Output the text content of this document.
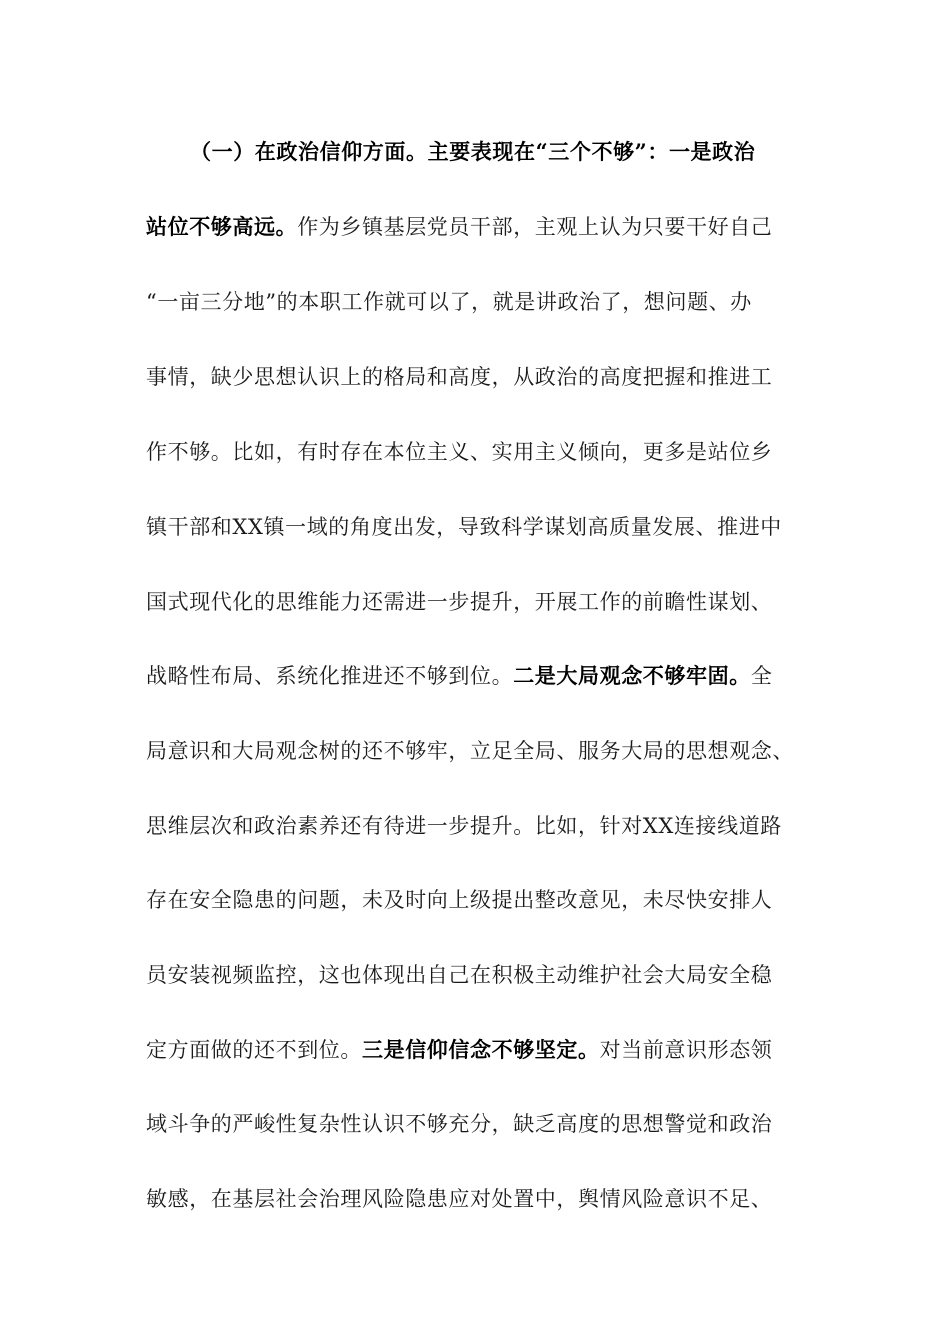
（一）在政治信仰方面。主要表现在“三个不够”：一是政治
站位不够高远。作为乡镇基层党员干部，主观上认为只要干好自己
“一亩三分地”的本职工作就可以了，就是讲政治了，想问题、办
事情，缺少思想认识上的格局和高度，从政治的高度把握和推进工
作不够。比如，有时存在本位主义、实用主义倾向，更多是站位乡
镇干部和XX镇一域的角度出发，导致科学谋划高质量发展、推进中
国式现代化的思维能力还需进一步提升，开展工作的前瞻性谋划、
战略性布局、系统化推进还不够到位。二是大局观念不够牢固。全
局意识和大局观念树的还不够牢，立足全局、服务大局的思想观念、
思维层次和政治素养还有待进一步提升。比如，针对XX连接线道路
存在安全隐患的问题，未及时向上级提出整改意见，未尽快安排人
员安装视频监控，这也体现出自己在积极主动维护社会大局安全稳
定方面做的还不到位。三是信仰信念不够坚定。对当前意识形态领
域斗争的严峻性复杂性认识不够充分，缺乏高度的思想警觉和政治
敏感，在基层社会治理风险隐患应对处置中，舆情风险意识不足、
